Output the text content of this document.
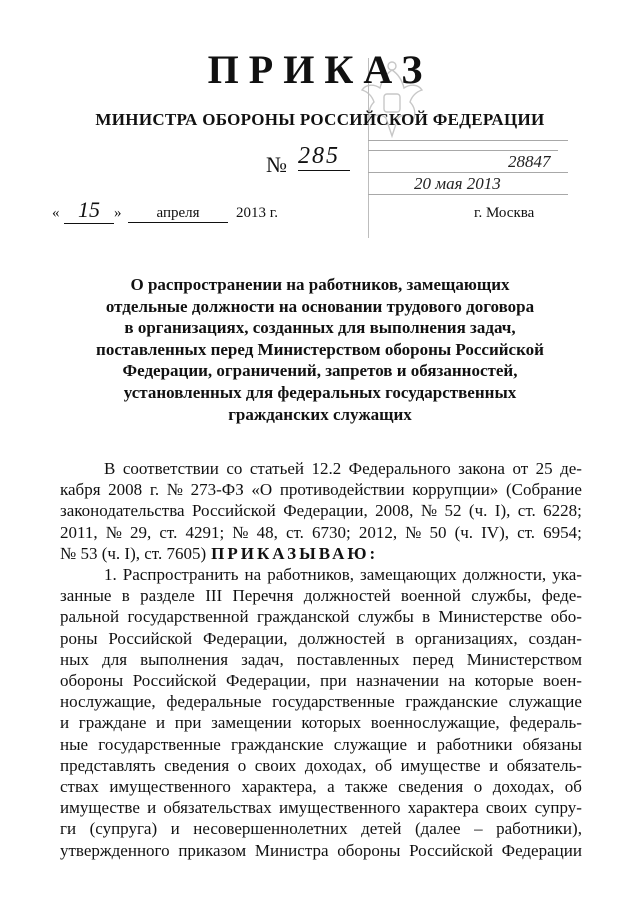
ПРИКАЗ
МИНИСТРА ОБОРОНЫ РОССИЙСКОЙ ФЕДЕРАЦИИ
№ 285	28847
20 мая 2013
« 15 »	апреля	2013 г.	г. Москва
О распространении на работников, замещающих
отдельные должности на основании трудового договора
в организациях, созданных для выполнения задач,
поставленных перед Министерством обороны Российской
Федерации, ограничений, запретов и обязанностей,
установленных для федеральных государственных
гражданских служащих
В соответствии со статьей 12.2 Федерального закона от 25 де-
кабря 2008 г. № 273-ФЗ «О противодействии коррупции» (Собрание
законодательства Российской Федерации, 2008, № 52 (ч. I), ст. 6228;
2011, № 29, ст. 4291; № 48, ст. 6730; 2012, № 50 (ч. IV), ст. 6954;
№ 53 (ч. I), ст. 7605) ПРИКАЗЫВАЮ:
1. Распространить на работников, замещающих должности, ука-
занные в разделе III Перечня должностей военной службы, феде-
ральной государственной гражданской службы в Министерстве обо-
роны Российской Федерации, должностей в организациях, создан-
ных для выполнения задач, поставленных перед Министерством
обороны Российской Федерации, при назначении на которые воен-
нослужащие, федеральные государственные гражданские служащие
и граждане и при замещении которых военнослужащие, федераль-
ные государственные гражданские служащие и работники обязаны
представлять сведения о своих доходах, об имуществе и обязатель-
ствах имущественного характера, а также сведения о доходах, об
имуществе и обязательствах имущественного характера своих супру-
ги (супруга) и несовершеннолетних детей (далее – работники),
утвержденного приказом Министра обороны Российской Федерации
